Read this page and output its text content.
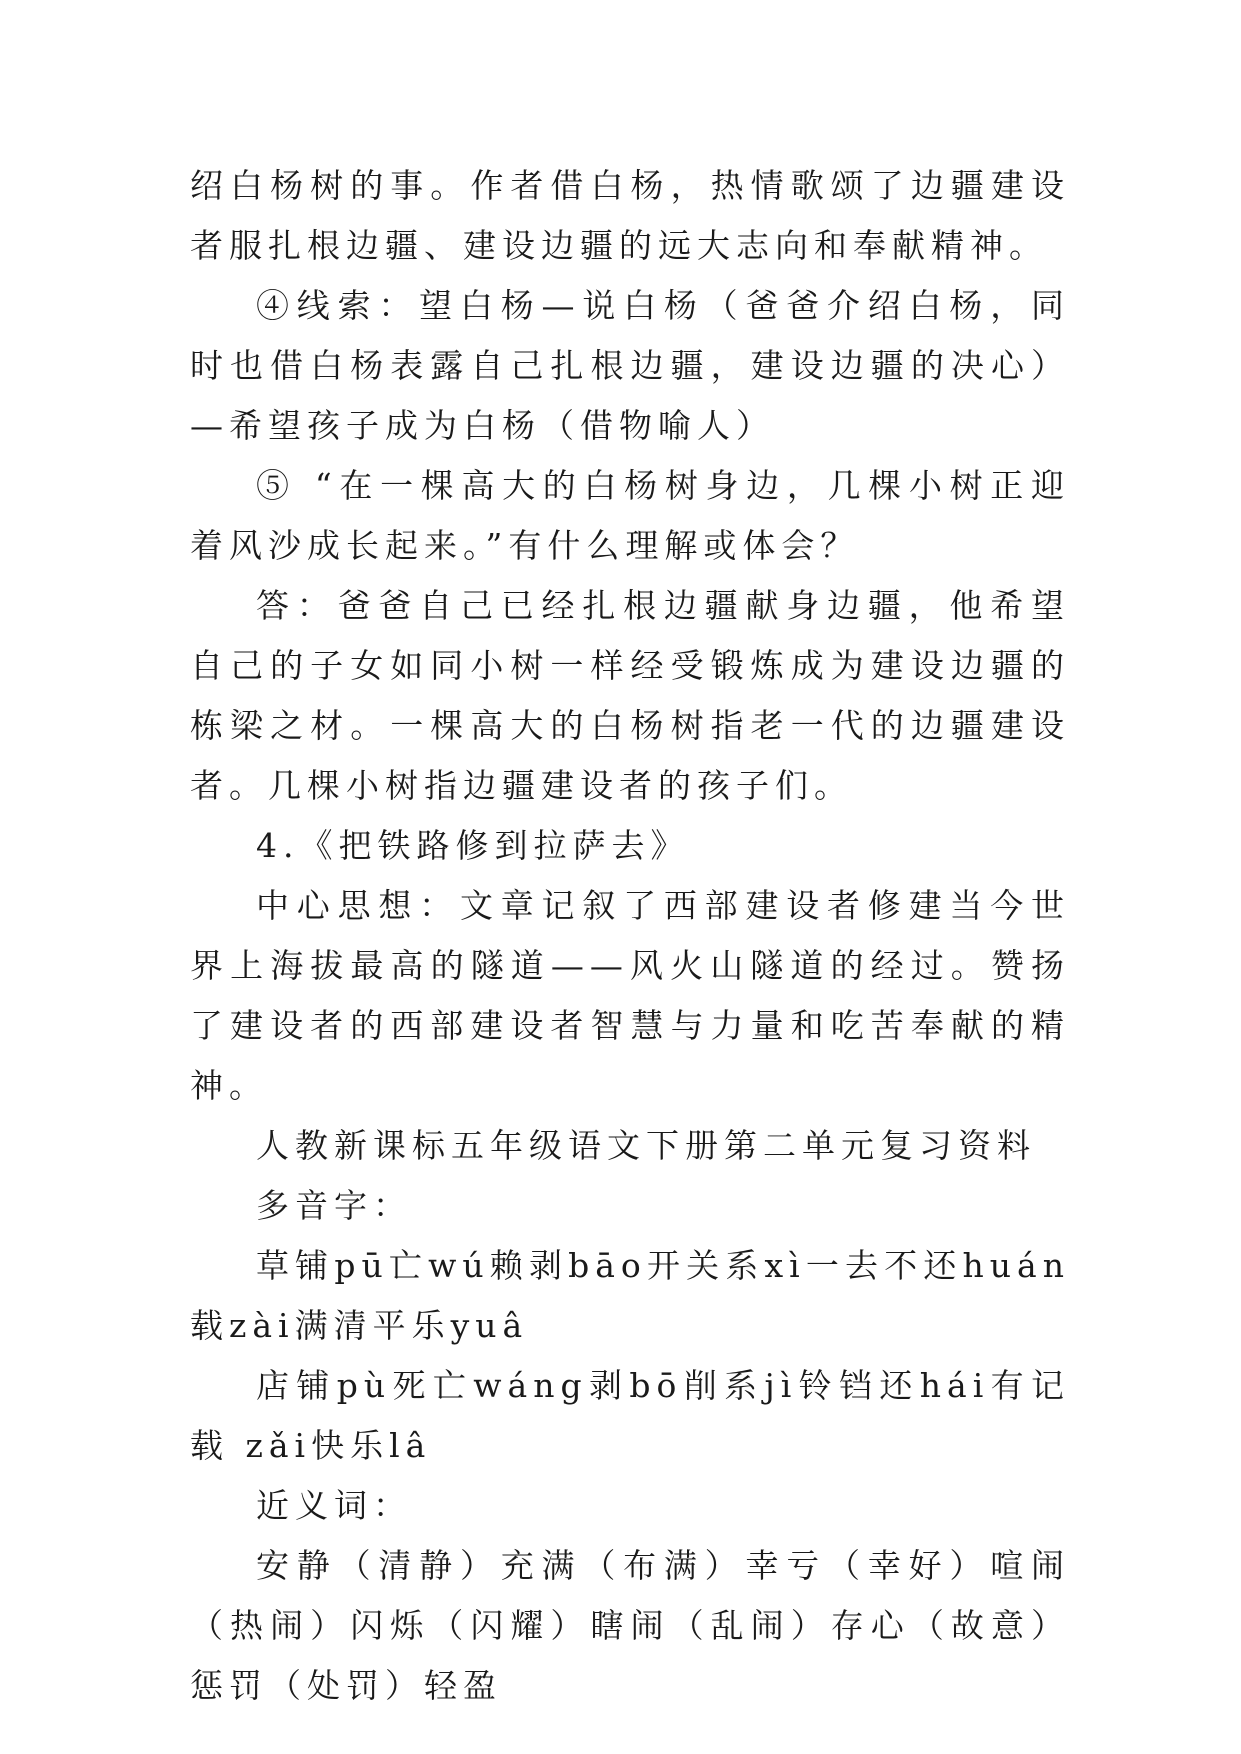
绍白杨树的事。作者借白杨，热情歌颂了边疆建设者服扎根边疆、建设边疆的远大志向和奉献精神。

④线索：望白杨—说白杨（爸爸介绍白杨，同时也借白杨表露自己扎根边疆，建设边疆的决心）—希望孩子成为白杨（借物喻人）

⑤ “在一棵高大的白杨树身边，几棵小树正迎着风沙成长起来。”有什么理解或体会？

答：爸爸自己已经扎根边疆献身边疆，他希望自己的子女如同小树一样经受锻炼成为建设边疆的栋梁之材。一棵高大的白杨树指老一代的边疆建设者。几棵小树指边疆建设者的孩子们。

4.《把铁路修到拉萨去》

中心思想：文章记叙了西部建设者修建当今世界上海拔最高的隧道——风火山隧道的经过。赞扬了建设者的西部建设者智慧与力量和吃苦奉献的精神。

人教新课标五年级语文下册第二单元复习资料

多音字：

草铺pū亡wú赖剥bāo开关系xì一去不还huán载zài满清平乐yuâ

店铺pù死亡wáng剥bō削系jì铃铛还hái有记载 zǎi快乐lâ

近义词：

安静（清静）充满（布满）幸亏（幸好）喧闹（热闹）闪烁（闪耀）瞎闹（乱闹）存心（故意）惩罚（处罚）轻盈
